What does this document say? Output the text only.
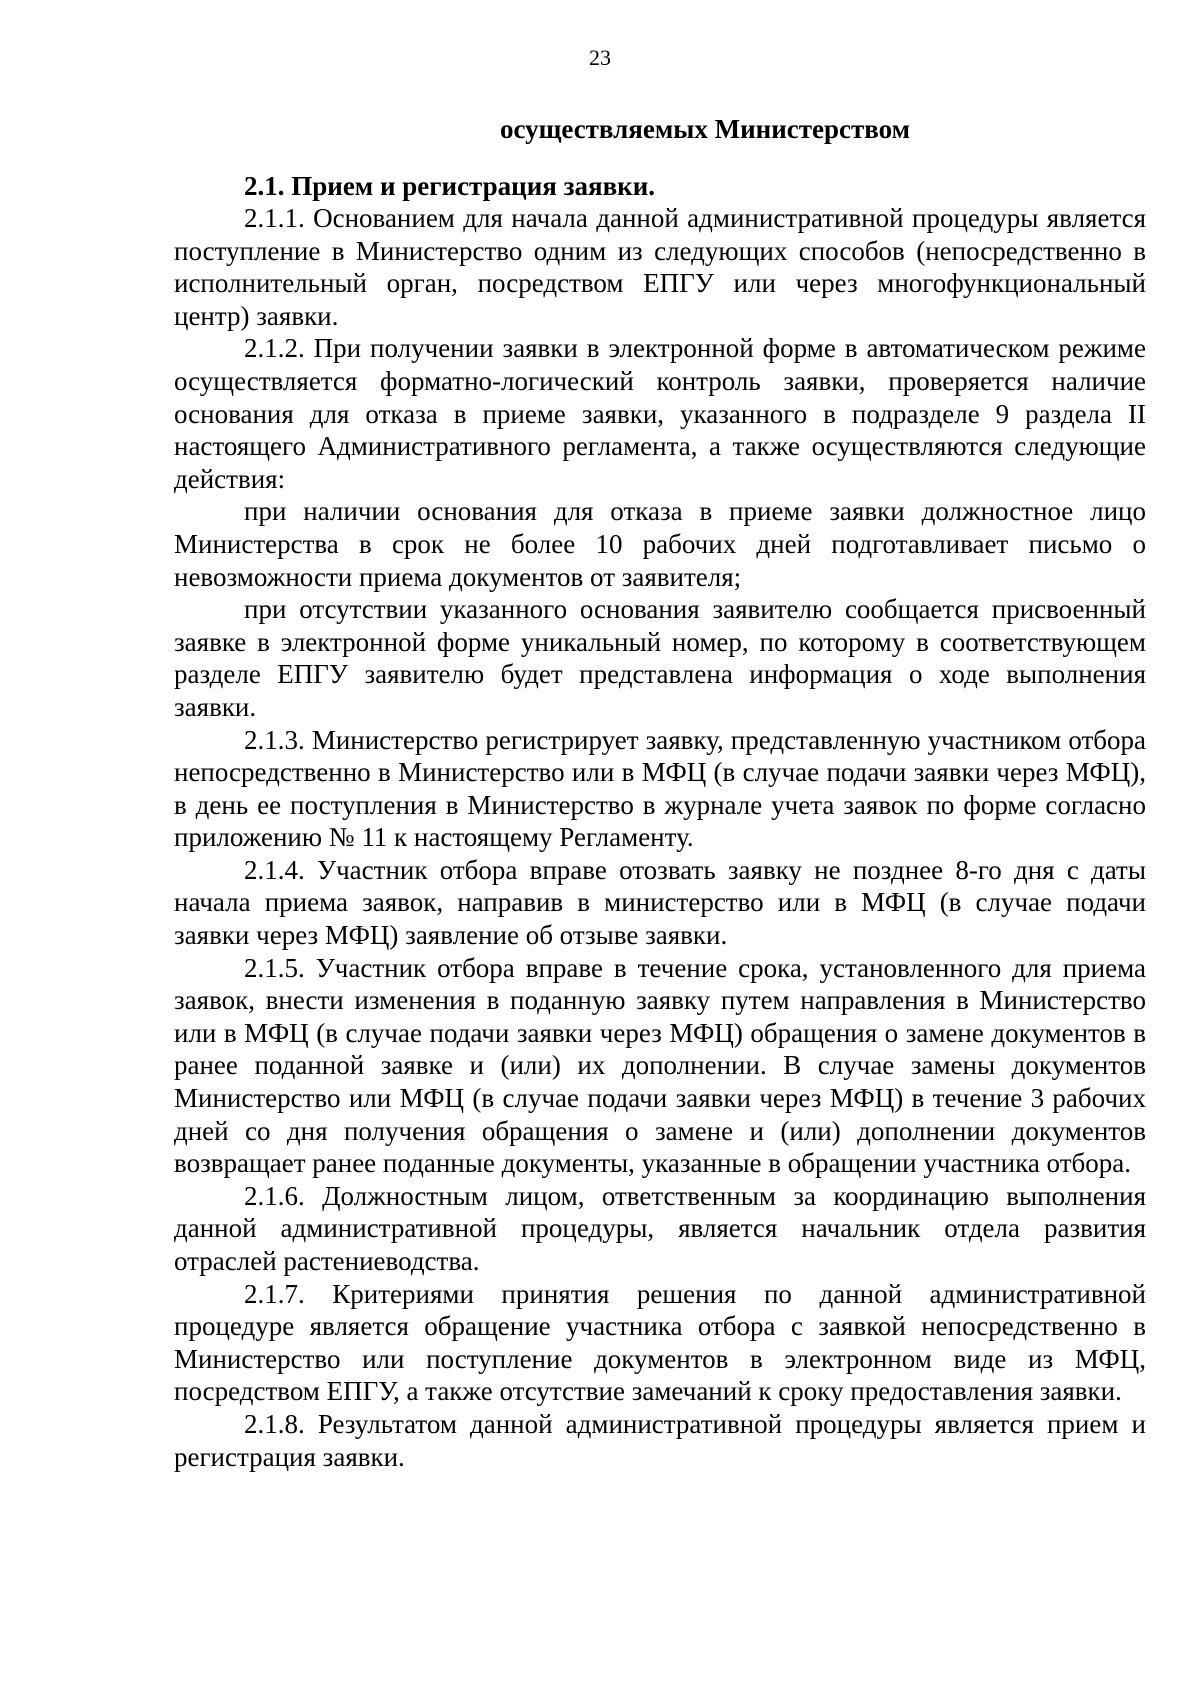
23

осуществляемых Министерством

2.1. Прием и регистрация заявки.

2.1.1. Основанием для начала данной административной процедуры является поступление в Министерство одним из следующих способов (непосредственно в исполнительный орган, посредством ЕПГУ или через многофункциональный центр) заявки.

2.1.2. При получении заявки в электронной форме в автоматическом режиме осуществляется форматно-логический контроль заявки, проверяется наличие основания для отказа в приеме заявки, указанного в подразделе 9 раздела II настоящего Административного регламента, а также осуществляются следующие действия:

при наличии основания для отказа в приеме заявки должностное лицо Министерства в срок не более 10 рабочих дней подготавливает письмо о невозможности приема документов от заявителя;

при отсутствии указанного основания заявителю сообщается присвоенный заявке в электронной форме уникальный номер, по которому в соответствующем разделе ЕПГУ заявителю будет представлена информация о ходе выполнения заявки.

2.1.3. Министерство регистрирует заявку, представленную участником отбора непосредственно в Министерство или в МФЦ (в случае подачи заявки через МФЦ), в день ее поступления в Министерство в журнале учета заявок по форме согласно приложению № 11 к настоящему Регламенту.

2.1.4. Участник отбора вправе отозвать заявку не позднее 8-го дня с даты начала приема заявок, направив в министерство или в МФЦ (в случае подачи заявки через МФЦ) заявление об отзыве заявки.

2.1.5. Участник отбора вправе в течение срока, установленного для приема заявок, внести изменения в поданную заявку путем направления в Министерство или в МФЦ (в случае подачи заявки через МФЦ) обращения о замене документов в ранее поданной заявке и (или) их дополнении. В случае замены документов Министерство или МФЦ (в случае подачи заявки через МФЦ) в течение 3 рабочих дней со дня получения обращения о замене и (или) дополнении документов возвращает ранее поданные документы, указанные в обращении участника отбора.

2.1.6. Должностным лицом, ответственным за координацию выполнения данной административной процедуры, является начальник отдела развития отраслей растениеводства.

2.1.7. Критериями принятия решения по данной административной процедуре является обращение участника отбора с заявкой непосредственно в Министерство или поступление документов в электронном виде из МФЦ, посредством ЕПГУ, а также отсутствие замечаний к сроку предоставления заявки.

2.1.8. Результатом данной административной процедуры является прием и регистрация заявки.
